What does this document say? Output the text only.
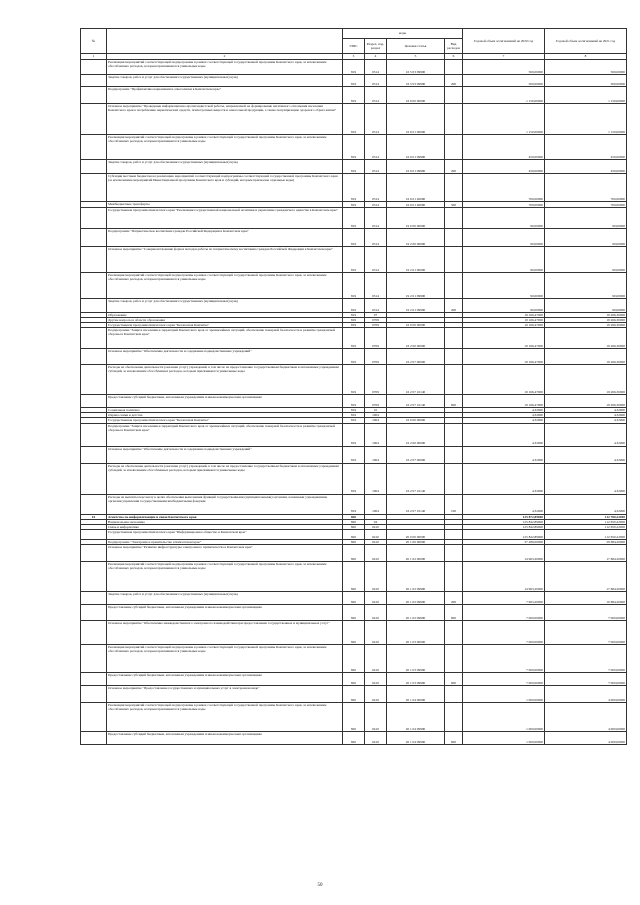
№		коды				Годовой объем ассигнований на 2020 год	Годовой объем ассигнований на 2021 год
		ГРБС	Раздел, под-раздел	Целевая статья	Вид расходов		
1	2	3	4	5	6	7	8
	Реализация мероприятий соответствующей подпрограммы в рамках соответствующей государственной программы Камчатского края, за исключением обособленных расходов, которым присваиваются уникальные коды	819	0314	16 5 03 09990		500,00000	500,00000
	Закупка товаров, работ и услуг для обеспечения государственных (муниципальных) нужд	819	0314	16 5 03 09990	200	500,00000	500,00000
	Подпрограмма "Профилактика наркомании и алкоголизма в Камчатском крае"	819	0314	16 6 00 00000		1 150,00000	1 150,00000
	Основное мероприятие "Проведение информационно-пропагандистской работы, направленной на формирование негативного отношения населения Камчатского края к потреблению наркотических средств, психотропных веществ и алкогольной продукции, а также популяризацию здорового образа жизни"	819	0314	16 6 01 00000		1 150,00000	1 150,00000
	Реализация мероприятий соответствующей подпрограммы в рамках соответствующей государственной программы Камчатского края, за исключением обособленных расходов, которым присваиваются уникальные коды	819	0314	16 6 01 09990		450,00000	450,00000
	Закупка товаров, работ и услуг для обеспечения государственных (муниципальных) нужд	819	0314	16 6 01 09990	200	450,00000	450,00000
	Субсидии местным бюджетам на реализацию мероприятий соответствующей подпрограммы соответствующей государственной программы Камчатского края (за исключением мероприятий Инвестиционной программы Камчатского края и субсидий, которым присвоены отдельные коды)	819	0314	16 6 01 40060		700,00000	700,00000
	Межбюджетные трансферты	819	0314	16 6 01 40060	500	700,00000	700,00000
	Государственная программа Камчатского края "Реализация государственной национальной политики и укрепление гражданского единства в Камчатском крае"	819	0314	19 0 00 00000		90,00000	90,00000
	Подпрограмма "Патриотическое воспитание граждан Российской Федерации в Камчатском крае"	819	0314	19 2 00 00000		90,00000	90,00000
	Основное мероприятие "Совершенствование форм и методов работы по патриотическому воспитанию граждан Российской Федерации в Камчатском крае"	819	0314	19 2 01 00000		90,00000	90,00000
	Реализация мероприятий соответствующей подпрограммы в рамках соответствующей государственной программы Камчатского края, за исключением обособленных расходов, которым присваиваются уникальные коды	819	0314	19 2 01 09990		90,00000	90,00000
	Закупка товаров, работ и услуг для обеспечения государственных (муниципальных) нужд	819	0314	19 2 01 09990	200	90,00000	90,00000
	Образование	819	07			19 166,47000	19 266,30000
	Другие вопросы в области образования	819	0709			19 166,47000	19 266,30000
	Государственная программа Камчатского края "Безопасная Камчатка"	819	0709	16 0 00 00000		19 166,47000	19 266,30000
	Подпрограмма "Защита населения и территорий Камчатского края от чрезвычайных ситуаций, обеспечение пожарной безопасности и развитие гражданской обороны в Камчатском крае"	819	0709	16 2 00 00000		19 166,47000	19 266,30000
	Основное мероприятие "Обеспечение деятельности и содержание подведомственных учреждений"	819	0709	16 2 07 00000		19 166,47000	19 266,30000
	Расходы на обеспечение деятельности (оказание услуг) учреждений, в том числе на предоставление государственным бюджетным и автономным учреждениям субсидий, за исключением обособленных расходов, которым присваиваются уникальные коды	819	0709	16 2 07 10140		19 166,47000	19 266,30000
	Предоставление субсидий бюджетным, автономным учреждениям и иным некоммерческим организациям	819	0709	16 2 07 10140	600	19 166,47000	19 266,30000
	Социальная политика	819	10			4,32000	4,32000
	Охрана семьи и детства	819	1004			4,32000	4,32000
	Государственная программа Камчатского края "Безопасная Камчатка"	819	1004	16 0 00 00000		4,32000	4,32000
	Подпрограмма "Защита населения и территорий Камчатского края от чрезвычайных ситуаций, обеспечение пожарной безопасности и развитие гражданской обороны в Камчатском крае"	819	1004	16 2 00 00000		4,32000	4,32000
	Основное мероприятие "Обеспечение деятельности и содержание подведомственных учреждений"	819	1004	16 2 07 00000		4,32000	4,32000
	Расходы на обеспечение деятельности (оказание услуг) учреждений, в том числе на предоставление государственным бюджетным и автономным учреждениям субсидий, за исключением обособленных расходов, которым присваиваются уникальные коды	819	1004	16 2 07 10140		4,32000	4,32000
	Расходы на выплаты персоналу в целях обеспечения выполнения функций государственными (муниципальными) органами, казенными учреждениями, органами управления государственными внебюджетными фондами	819	1004	16 2 07 10140	100	4,32000	4,32000
16	Агентство по информатизации и связи Камчатского края	820				125 872,89000	112 780,22000
	Национальная экономика	820	04			125 842,89000	112 650,22000
	Связь и информатика	820	0410			125 842,89000	112 650,22000
	Государственная программа Камчатского края "Информационное общество в Камчатском крае"	820	0410	20 0 00 00000		125 842,89000	112 650,22000
	Подпрограмма "Электронное правительство в Камчатском крае"	820	0410	20 1 00 00000		37 280,00000	29 684,20000
	Основное мероприятие "Развитие инфраструктуры электронного правительства в Камчатском крае"	820	0410	20 1 02 00000		14 963,20000	17 684,20000
	Реализация мероприятий соответствующей подпрограммы в рамках соответствующей государственной программы Камчатского края, за исключением обособленных расходов, которым присваиваются уникальные коды	820	0410	20 1 02 09990		14 963,20000	17 684,20000
	Закупка товаров, работ и услуг для обеспечения государственных (муниципальных) нужд	820	0410	20 1 02 09990	200	7 963,20000	10 684,20000
	Предоставление субсидий бюджетным, автономным учреждениям и иным некоммерческим организациям	820	0410	20 1 02 09990	600	7 000,00000	7 000,00000
	Основное мероприятие "Обеспечение межведомственного электронного взаимодействия при предоставлении государственных и муниципальных услуг"	820	0410	20 1 03 00000		7 000,00000	7 000,00000
	Реализация мероприятий соответствующей подпрограммы в рамках соответствующей государственной программы Камчатского края, за исключением обособленных расходов, которым присваиваются уникальные коды	820	0410	20 1 03 09990		7 000,00000	7 000,00000
	Предоставление субсидий бюджетным, автономным учреждениям и иным некоммерческим организациям	820	0410	20 1 03 09990	600	7 000,00000	7 000,00000
	Основное мероприятие "Предоставление государственных и муниципальных услуг в электронном виде"	820	0410	20 1 04 00000		1 000,00000	4 000,00000
	Реализация мероприятий соответствующей подпрограммы в рамках соответствующей государственной программы Камчатского края, за исключением обособленных расходов, которым присваиваются уникальные коды	820	0410	20 1 04 09990		1 000,00000	4 000,00000
	Предоставление субсидий бюджетным, автономным учреждениям и иным некоммерческим организациям	820	0410	20 1 04 09990	600	1 000,00000	4 000,00000
50
